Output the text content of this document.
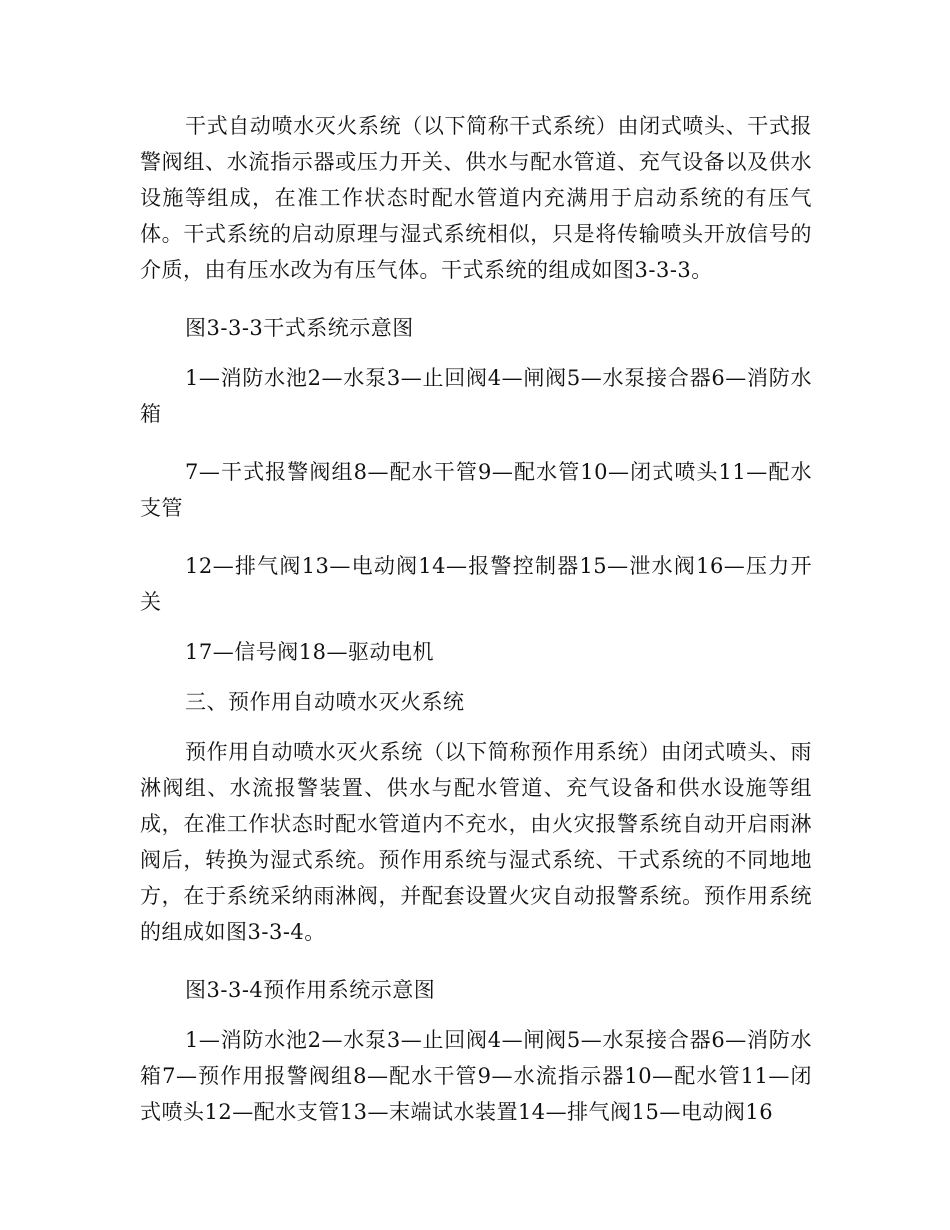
干式自动喷水灭火系统（以下简称干式系统）由闭式喷头、干式报警阀组、水流指示器或压力开关、供水与配水管道、充气设备以及供水设施等组成，在准工作状态时配水管道内充满用于启动系统的有压气体。干式系统的启动原理与湿式系统相似，只是将传输喷头开放信号的介质，由有压水改为有压气体。干式系统的组成如图3-3-3。

图3-3-3干式系统示意图

1—消防水池2—水泵3—止回阀4—闸阀5—水泵接合器6—消防水箱

7—干式报警阀组8—配水干管9—配水管10—闭式喷头11—配水支管

12—排气阀13—电动阀14—报警控制器15—泄水阀16—压力开关

17—信号阀18—驱动电机

三、预作用自动喷水灭火系统

预作用自动喷水灭火系统（以下简称预作用系统）由闭式喷头、雨淋阀组、水流报警装置、供水与配水管道、充气设备和供水设施等组成，在准工作状态时配水管道内不充水，由火灾报警系统自动开启雨淋阀后，转换为湿式系统。预作用系统与湿式系统、干式系统的不同地地方，在于系统采纳雨淋阀，并配套设置火灾自动报警系统。预作用系统的组成如图3-3-4。

图3-3-4预作用系统示意图

1—消防水池2—水泵3—止回阀4—闸阀5—水泵接合器6—消防水箱7—预作用报警阀组8—配水干管9—水流指示器10—配水管11—闭式喷头12—配水支管13—末端试水装置14—排气阀15—电动阀16
